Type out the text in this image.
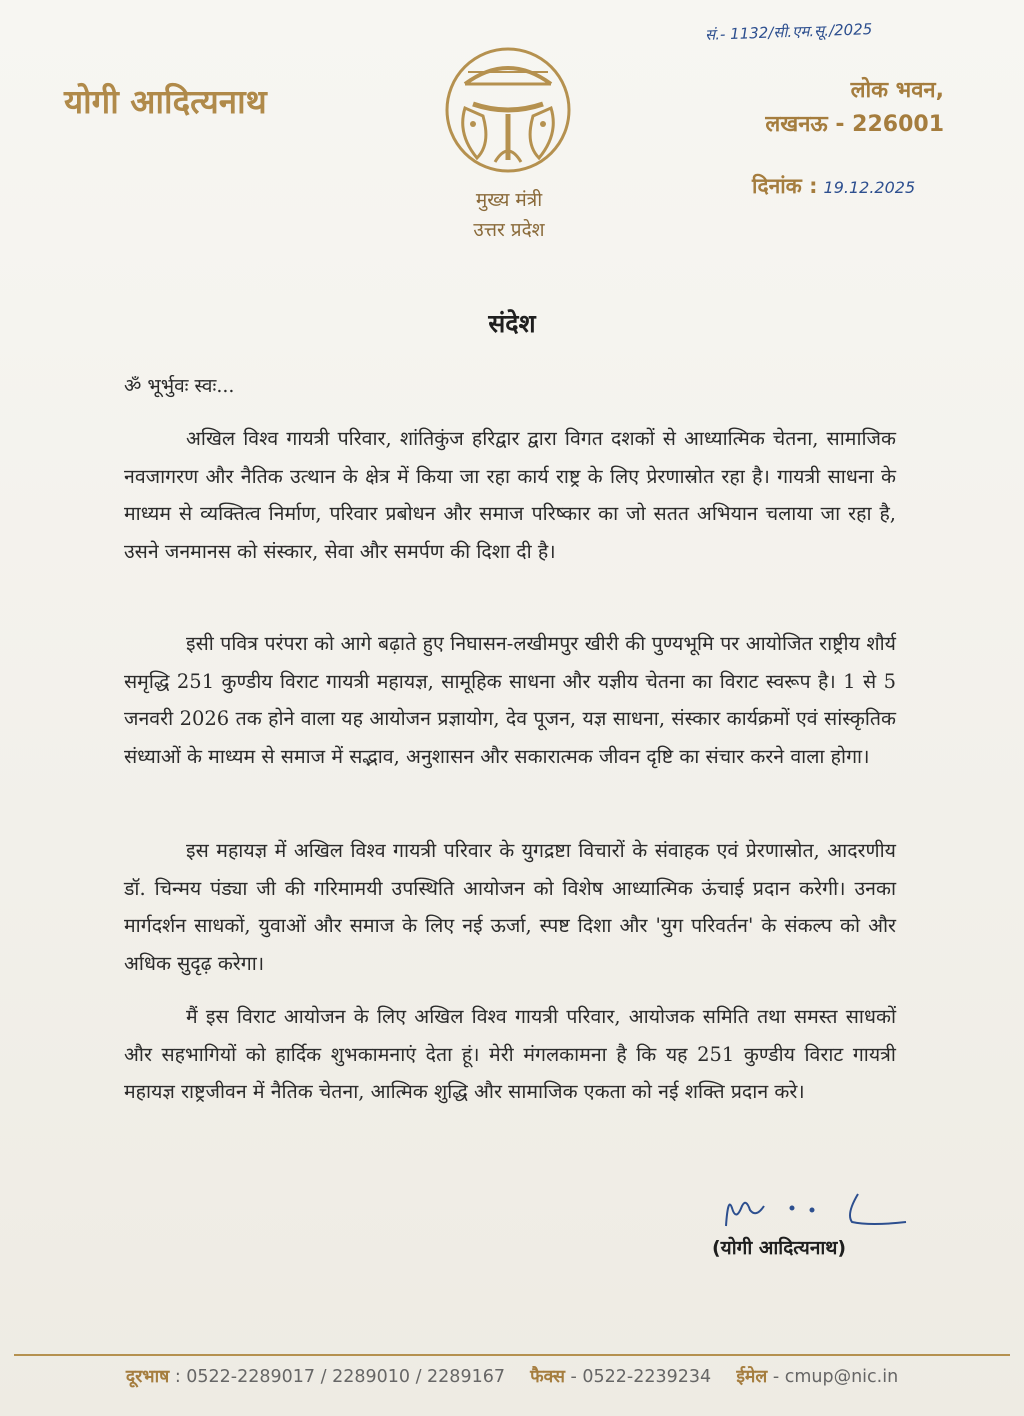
योगी आदित्यनाथ
मुख्य मंत्री
उत्तर प्रदेश
सं.- 1132/सी.एम.सू./2025
लोक भवन,
लखनऊ - 226001
दिनांक : 19.12.2025
संदेश
ॐ भूर्भुवः स्वः...

अखिल विश्व गायत्री परिवार, शांतिकुंज हरिद्वार द्वारा विगत दशकों से आध्यात्मिक चेतना, सामाजिक नवजागरण और नैतिक उत्थान के क्षेत्र में किया जा रहा कार्य राष्ट्र के लिए प्रेरणास्रोत रहा है। गायत्री साधना के माध्यम से व्यक्तित्व निर्माण, परिवार प्रबोधन और समाज परिष्कार का जो सतत अभियान चलाया जा रहा है, उसने जनमानस को संस्कार, सेवा और समर्पण की दिशा दी है।

इसी पवित्र परंपरा को आगे बढ़ाते हुए निघासन-लखीमपुर खीरी की पुण्यभूमि पर आयोजित राष्ट्रीय शौर्य समृद्धि 251 कुण्डीय विराट गायत्री महायज्ञ, सामूहिक साधना और यज्ञीय चेतना का विराट स्वरूप है। 1 से 5 जनवरी 2026 तक होने वाला यह आयोजन प्रज्ञायोग, देव पूजन, यज्ञ साधना, संस्कार कार्यक्रमों एवं सांस्कृतिक संध्याओं के माध्यम से समाज में सद्भाव, अनुशासन और सकारात्मक जीवन दृष्टि का संचार करने वाला होगा।

इस महायज्ञ में अखिल विश्व गायत्री परिवार के युगद्रष्टा विचारों के संवाहक एवं प्रेरणास्रोत, आदरणीय डॉ. चिन्मय पंड्या जी की गरिमामयी उपस्थिति आयोजन को विशेष आध्यात्मिक ऊंचाई प्रदान करेगी। उनका मार्गदर्शन साधकों, युवाओं और समाज के लिए नई ऊर्जा, स्पष्ट दिशा और 'युग परिवर्तन' के संकल्प को और अधिक सुदृढ़ करेगा।

मैं इस विराट आयोजन के लिए अखिल विश्व गायत्री परिवार, आयोजक समिति तथा समस्त साधकों और सहभागियों को हार्दिक शुभकामनाएं देता हूं। मेरी मंगलकामना है कि यह 251 कुण्डीय विराट गायत्री महायज्ञ राष्ट्रजीवन में नैतिक चेतना, आत्मिक शुद्धि और सामाजिक एकता को नई शक्ति प्रदान करे।

(योगी आदित्यनाथ)
दूरभाष : 0522-2289017 / 2289010 / 2289167 फैक्स - 0522-2239234 ईमेल - cmup@nic.in
